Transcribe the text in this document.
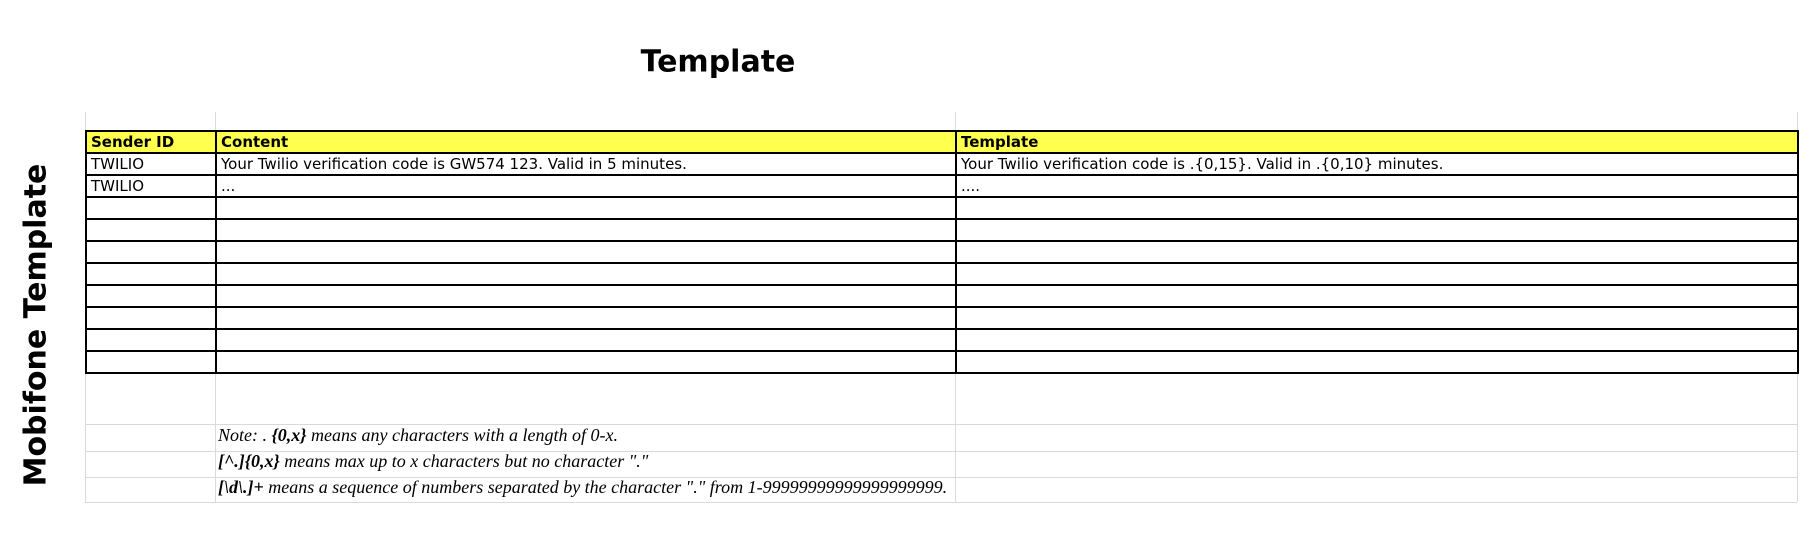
Mobifone Template
Template
Sender ID	Content	Template
TWILIO	Your Twilio verification code is GW574 123. Valid in 5 minutes.	Your Twilio verification code is .{0,15}. Valid in .{0,10} minutes.
TWILIO	...	....

Note: . {0,x} means any characters with a length of 0-x.
[^.]{0,x} means max up to x characters but no character "."
[\d\.]+ means a sequence of numbers separated by the character "." from 1-99999999999999999999.
